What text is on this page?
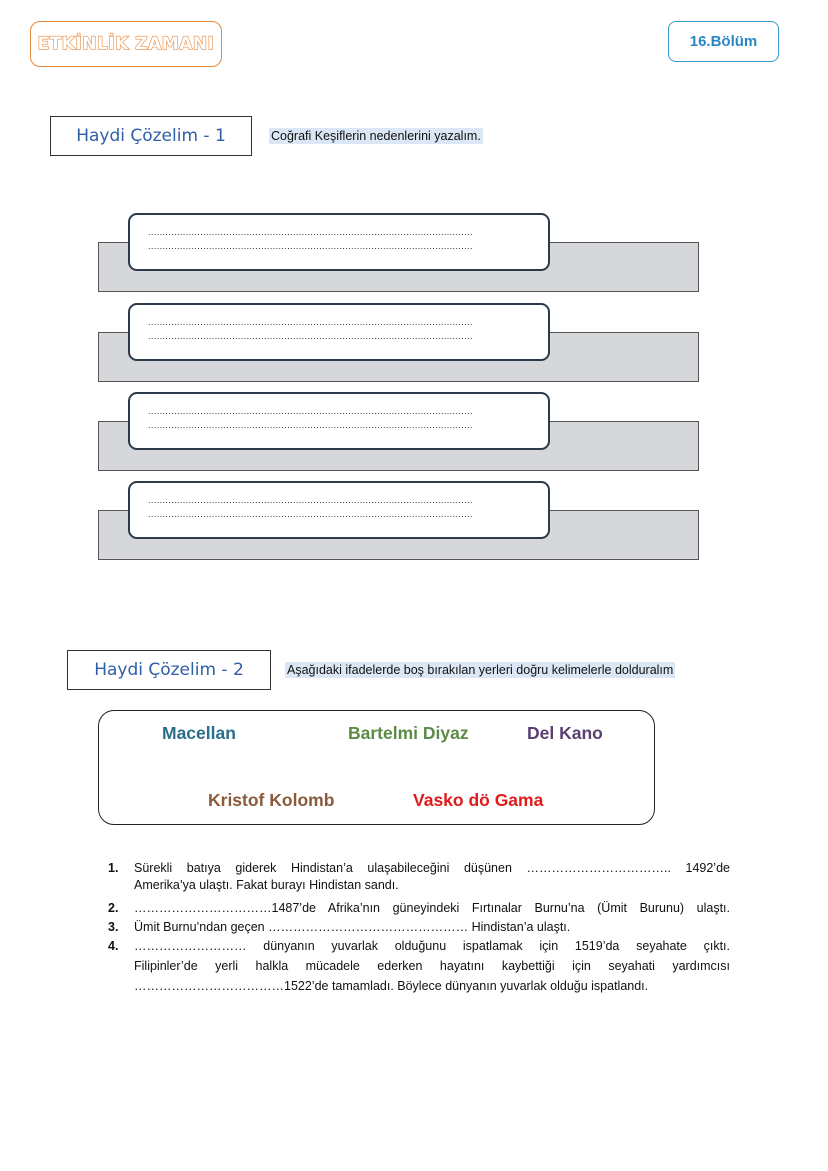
ETKİNLİK ZAMANI	16.Bölüm
Haydi Çözelim - 1	Coğrafi Keşiflerin nedenlerini yazalım.
................................................................................................................
................................................................................................................
................................................................................................................
................................................................................................................
................................................................................................................
................................................................................................................
................................................................................................................
................................................................................................................
Haydi Çözelim - 2	Aşağıdaki ifadelerde boş bırakılan yerleri doğru kelimelerle dolduralım
Macellan	Bartelmi Diyaz	Del Kano
Kristof Kolomb	Vasko dö Gama
1. Sürekli batıya giderek Hindistan’a ulaşabileceğini düşünen …………………………….. 1492’de
Amerika’ya ulaştı. Fakat burayı Hindistan sandı.
2. ……………………………1487’de Afrika’nın güneyindeki Fırtınalar Burnu’na (Ümit Burunu) ulaştı.
3. Ümit Burnu’ndan geçen ………………………………………… Hindistan’a ulaştı.
4. ……………………… dünyanın yuvarlak olduğunu ispatlamak için 1519’da seyahate çıktı.
Filipinler’de yerli halkla mücadele ederken hayatını kaybettiği için seyahati yardımcısı
………………………………1522’de tamamladı. Böylece dünyanın yuvarlak olduğu ispatlandı.
